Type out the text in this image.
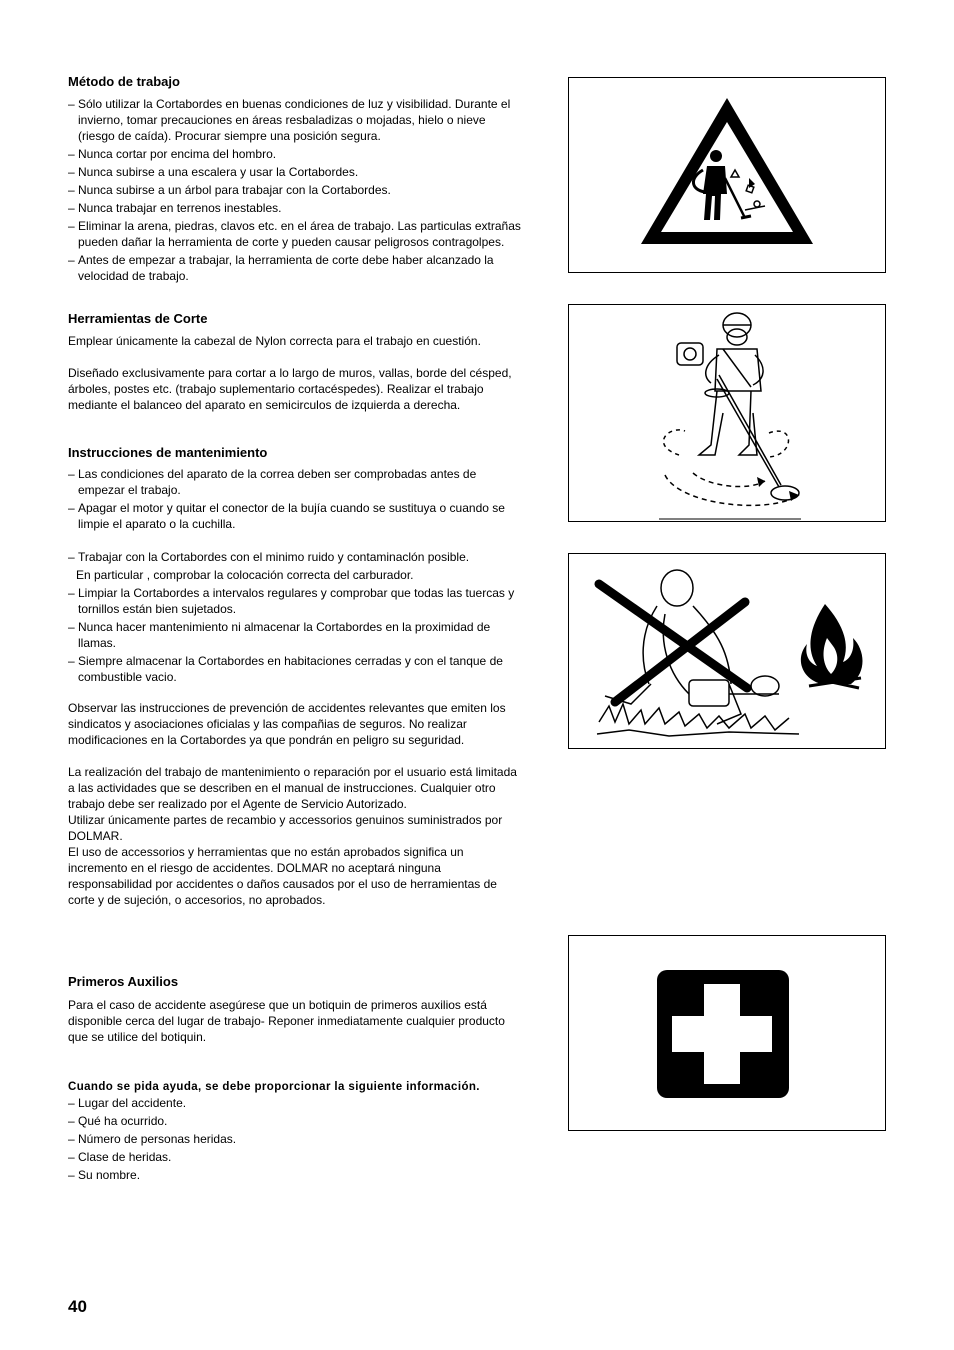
Método de trabajo
– Sólo utilizar la Cortabordes en buenas condiciones de luz y visibilidad. Durante el invierno, tomar precauciones en áreas resbaladizas o mojadas, hielo o nieve (riesgo de caída). Procurar siempre una posición segura.
– Nunca cortar por encima del hombro.
– Nunca subirse a una escalera y usar la Cortabordes.
– Nunca subirse a un árbol para trabajar con la Cortabordes.
– Nunca trabajar en terrenos inestables.
– Eliminar la arena, piedras, clavos etc. en el área de trabajo. Las particulas extrañas pueden dañar la herramienta de corte y pueden causar peligrosos contragolpes.
– Antes de empezar a trabajar, la herramienta de corte debe haber alcanzado la velocidad de trabajo.
Herramientas de Corte

Emplear únicamente la cabezal de Nylon correcta para el trabajo en cuestión.

Diseñado exclusivamente para cortar a lo largo de muros, vallas, borde del césped, árboles, postes etc. (trabajo suplementario cortacéspedes). Realizar el trabajo mediante el balanceo del aparato en semicirculos de izquierda a derecha.

Instrucciones de mantenimiento
– Las condiciones del aparato de la correa deben ser comprobadas antes de empezar el trabajo.
– Apagar el motor y quitar el conector de la bujía cuando se sustituya o cuando se limpie el aparato o la cuchilla.
– Trabajar con la Cortabordes con el minimo ruido y contaminaclón posible.
En particular , comprobar la colocación correcta del carburador.
– Limpiar la Cortabordes a intervalos regulares y comprobar que todas las tuercas y tornillos están bien sujetados.
– Nunca hacer mantenimiento ni almacenar la Cortabordes en la proximidad de llamas.
– Siempre almacenar la Cortabordes en habitaciones cerradas y con el tanque de combustible vacio.

Observar las instrucciones de prevención de accidentes relevantes que emiten los sindicatos y asociaciones oficialas y las compañias de seguros. No realizar modificaciones en la Cortabordes ya que pondrán en peligro su seguridad.

La realización del trabajo de mantenimiento o reparación por el usuario está limitada a las actividades que se describen en el manual de instrucciones. Cualquier otro trabajo debe ser realizado por el Agente de Servicio Autorizado.

Utilizar únicamente partes de recambio y accessorios genuinos suministrados por DOLMAR.

El uso de accessorios y herramientas que no están aprobados significa un incremento en el riesgo de accidentes. DOLMAR no aceptará ninguna responsabilidad por accidentes o daños causados por el uso de herramientas de corte y de sujeción, o accesorios, no aprobados.

Primeros Auxilios

Para el caso de accidente asegúrese que un botiquin de primeros auxilios está disponible cerca del lugar de trabajo- Reponer inmediatamente cualquier producto que se utilice del botiquin.

Cuando se pida ayuda, se debe proporcionar la siguiente información.

– Lugar del accidente.
– Qué ha ocurrido.
– Número de personas heridas.
– Clase de heridas.
– Su nombre.
40
